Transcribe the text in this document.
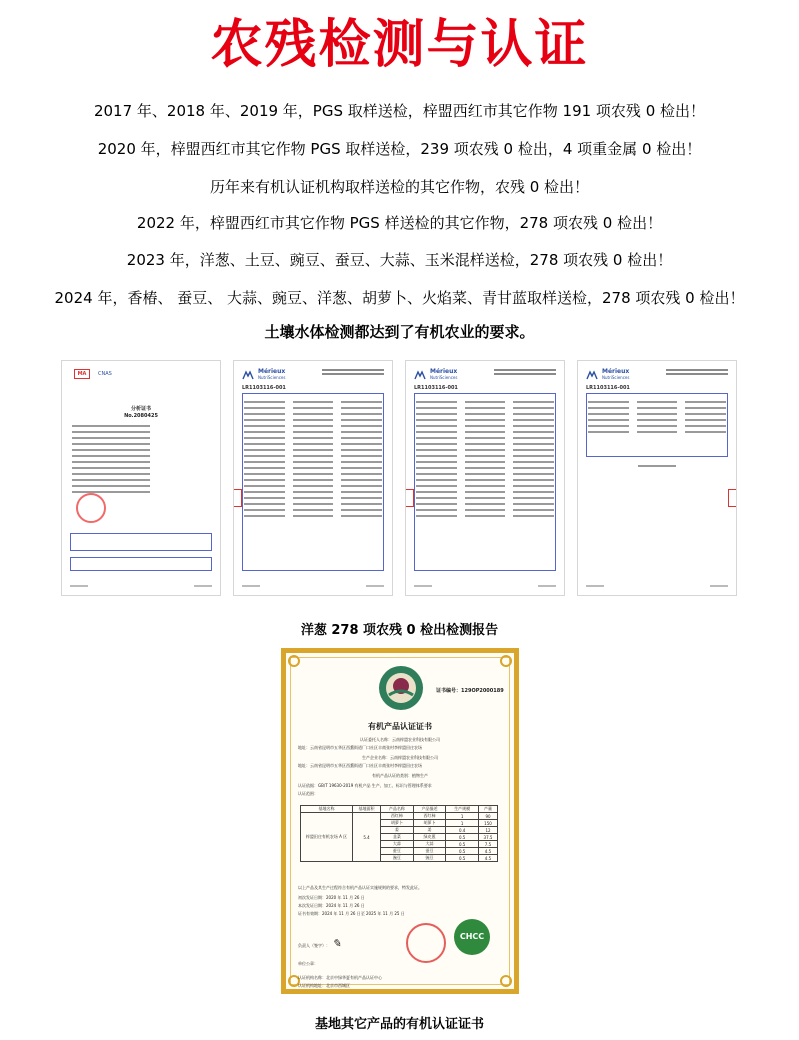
农残检测与认证
2017 年、2018 年、2019 年，PGS 取样送检，梓盟西红市其它作物 191 项农残 0 检出！
2020 年，梓盟西红市其它作物 PGS 取样送检，239 项农残 0 检出，4 项重金属 0 检出！
历年来有机认证机构取样送检的其它作物，农残 0 检出！
2022 年，梓盟西红市其它作物 PGS 样送检的其它作物，278 项农残 0 检出！
2023 年，洋葱、土豆、豌豆、蚕豆、大蒜、玉米混样送检，278 项农残 0 检出！
2024 年，香椿、 蚕豆、 大蒜、豌豆、洋葱、胡萝卜、火焰菜、青甘蓝取样送检，278 项农残 0 检出！
土壤水体检测都达到了有机农业的要求。
MA	CNAS
分析证书
No.2080425
Mérieux
NutriSciences
LR1103116-001
Mérieux
NutriSciences
LR1103116-001
Mérieux
NutriSciences
LR1103116-001
洋葱 278 项农残 0 检出检测报告
证书编号：129OP2000189
有机产品认证证书
认证委托人名称：云南梓盟农业科技有限公司
地址：云南省昆明市五华区西翥街道厂口社区丰商张村李梓盟田庄农场
生产企业名称：云南梓盟农业科技有限公司
地址：云南省昆明市五华区西翥街道厂口社区丰商张村李梓盟田庄农场
有机产品认证的类别：植物生产
认证依据：GB/T 19630-2019 有机产品 生产、加工、标识与管理体系要求
认证范围：
基地名称	基地面积	产品名称	产品描述	生产规模	产量
梓盟田庄有机农场 A 区	5.4	西红柿	西红柿	1	90
		胡萝卜	胡萝卜	1	150
		姜	姜	0.4	12
		韭菜	绿皮葱	0.5	37.5
		大蒜	大蒜	0.5	7.5
		蚕豆	蚕豆	0.5	4.5
		豌豆	豌豆	0.5	4.5
以上产品及其生产过程符合有机产品认证实施规则的要求，特发此证。
初次发证日期：2020 年 11 月 26 日
本次发证日期：2024 年 11 月 26 日
证书有效期：2024 年 11 月 26 日至 2025 年 11 月 25 日
负责人（签字）： ✎
单位公章：
CHCC
认证机构名称：北京中绿华夏有机产品认证中心
认证机构地址：北京市西城区
基地其它产品的有机认证证书
